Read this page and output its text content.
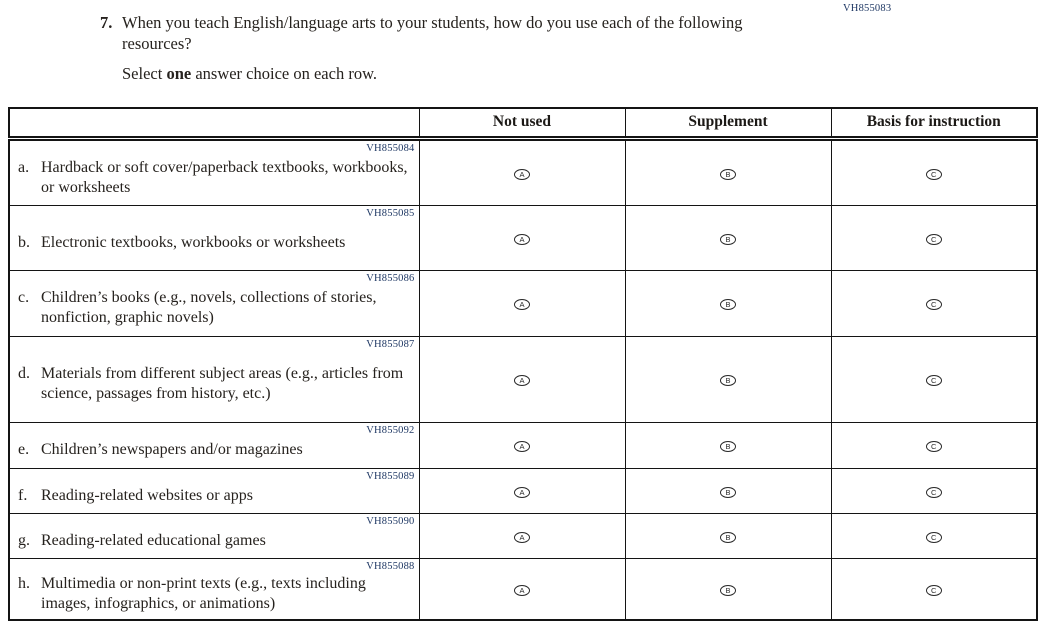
VH855083
7. When you teach English/language arts to your students, how do you use each of the following resources?
Select one answer choice on each row.
	Not used	Supplement	Basis for instruction

VH855084
a. Hardback or soft cover/paperback textbooks, workbooks, or worksheets	A	B	C

VH855085
b. Electronic textbooks, workbooks or worksheets	A	B	C

VH855086
c. Children’s books (e.g., novels, collections of stories, nonfiction, graphic novels)	A	B	C

VH855087
d. Materials from different subject areas (e.g., articles from science, passages from history, etc.)	A	B	C

VH855092
e. Children’s newspapers and/or magazines	A	B	C

VH855089
f. Reading-related websites or apps	A	B	C

VH855090
g. Reading-related educational games	A	B	C

VH855088
h. Multimedia or non-print texts (e.g., texts including images, infographics, or animations)	A	B	C
